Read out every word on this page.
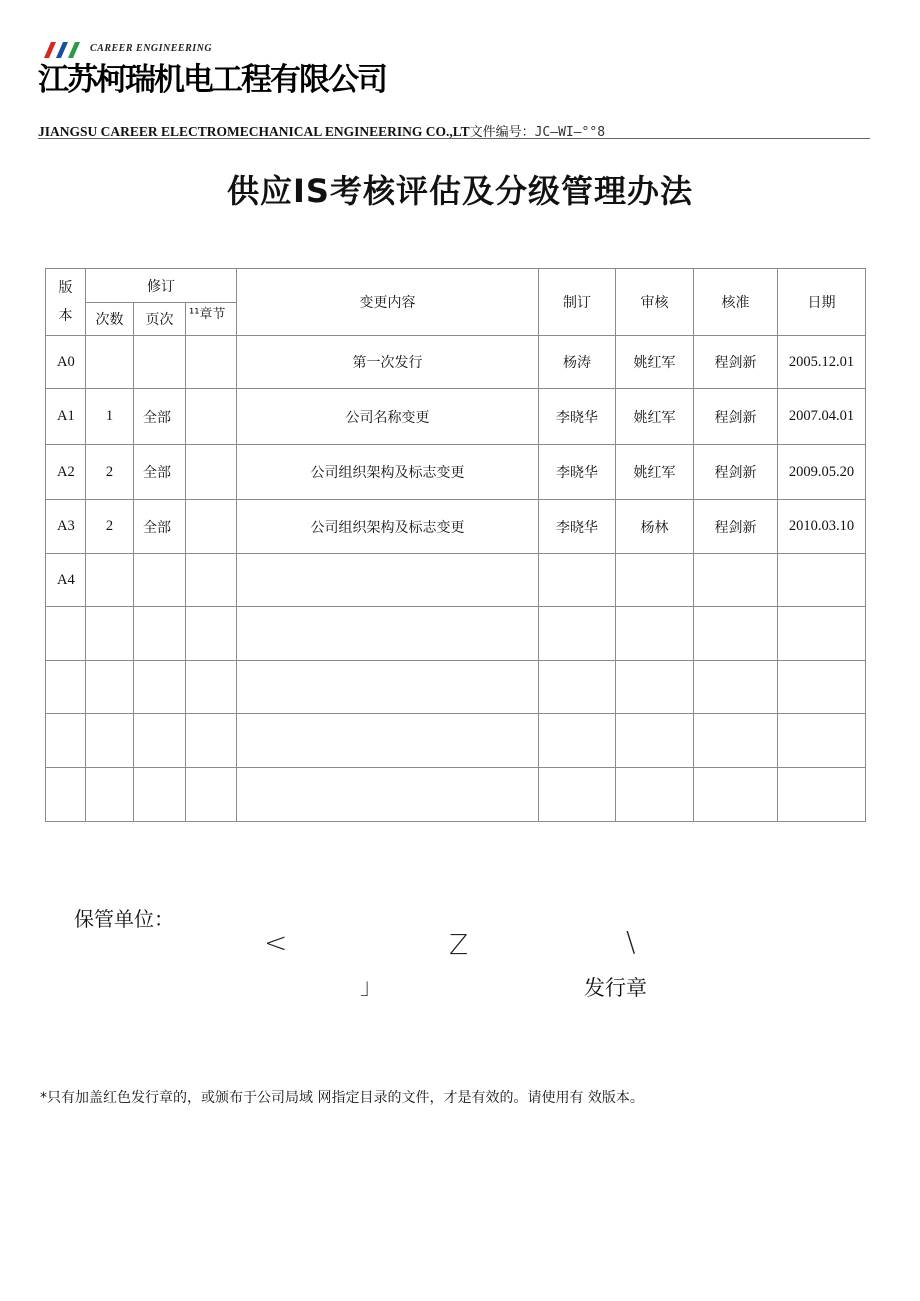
CAREER ENGINEERING
江苏柯瑞机电工程有限公司
JIANGSU CAREER ELECTROMECHANICAL ENGINEERING CO.,LT文件编号：JC—WI—°°8
供应IS考核评估及分级管理办法
版本	修订			变更内容	制订	审核	核准	日期
	次数	页次	¹¹章节					
A0				第一次发行	杨涛	姚红军	程剑新	2005.12.01
A1	1	全部		公司名称变更	李晓华	姚红军	程剑新	2007.04.01
A2	2	全部		公司组织架构及标志变更	李晓华	姚红军	程剑新	2009.05.20
A3	2	全部		公司组织架构及标志变更	李晓华	杨林	程剑新	2010.03.10
A4								

保管单位：
<	Z	\
」	发行章
*只有加盖红色发行章的，或颁布于公司局域 网指定目录的文件，才是有效的。请使用有 效版本。
